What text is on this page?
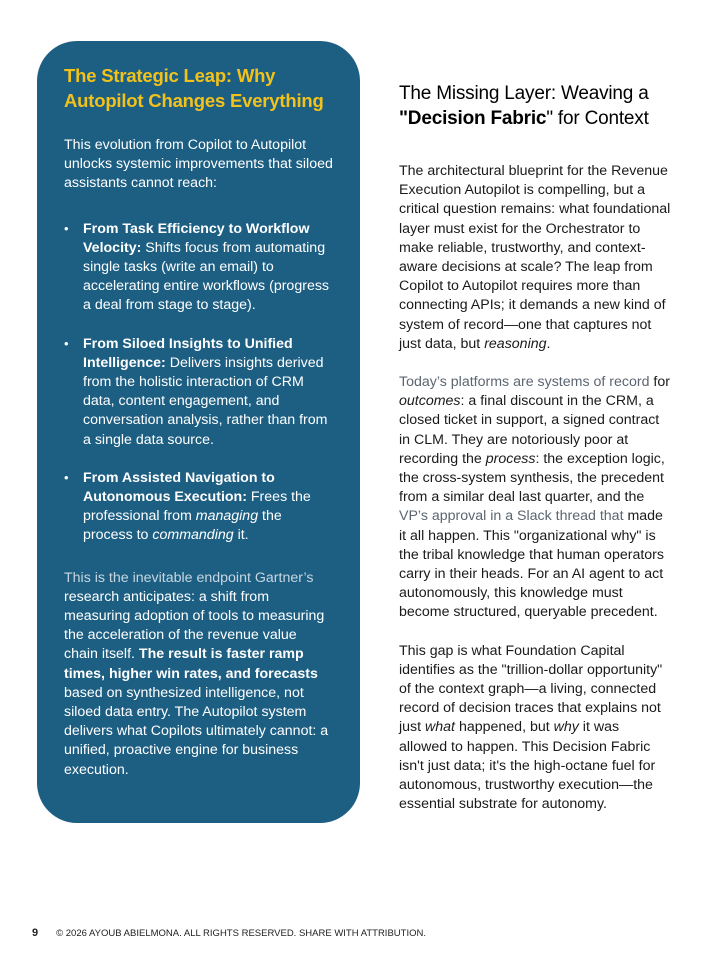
The Strategic Leap: Why Autopilot Changes Everything

This evolution from Copilot to Autopilot unlocks systemic improvements that siloed assistants cannot reach:

• From Task Efficiency to Workflow Velocity: Shifts focus from automating single tasks (write an email) to accelerating entire workflows (progress a deal from stage to stage).
• From Siloed Insights to Unified Intelligence: Delivers insights derived from the holistic interaction of CRM data, content engagement, and conversation analysis, rather than from a single data source.
• From Assisted Navigation to Autonomous Execution: Frees the professional from managing the process to commanding it.

This is the inevitable endpoint Gartner’s research anticipates: a shift from measuring adoption of tools to measuring the acceleration of the revenue value chain itself. The result is faster ramp times, higher win rates, and forecasts based on synthesized intelligence, not siloed data entry. The Autopilot system delivers what Copilots ultimately cannot: a unified, proactive engine for business execution.

The Missing Layer: Weaving a "Decision Fabric" for Context

The architectural blueprint for the Revenue Execution Autopilot is compelling, but a critical question remains: what foundational layer must exist for the Orchestrator to make reliable, trustworthy, and context-aware decisions at scale? The leap from Copilot to Autopilot requires more than connecting APIs; it demands a new kind of system of record—one that captures not just data, but reasoning.

Today’s platforms are systems of record for outcomes: a final discount in the CRM, a closed ticket in support, a signed contract in CLM. They are notoriously poor at recording the process: the exception logic, the cross-system synthesis, the precedent from a similar deal last quarter, and the VP’s approval in a Slack thread that made it all happen. This "organizational why" is the tribal knowledge that human operators carry in their heads. For an AI agent to act autonomously, this knowledge must become structured, queryable precedent.

This gap is what Foundation Capital identifies as the "trillion-dollar opportunity" of the context graph—a living, connected record of decision traces that explains not just what happened, but why it was allowed to happen. This Decision Fabric isn't just data; it's the high-octane fuel for autonomous, trustworthy execution—the essential substrate for autonomy.

9 © 2026 AYOUB ABIELMONA. ALL RIGHTS RESERVED. SHARE WITH ATTRIBUTION.
